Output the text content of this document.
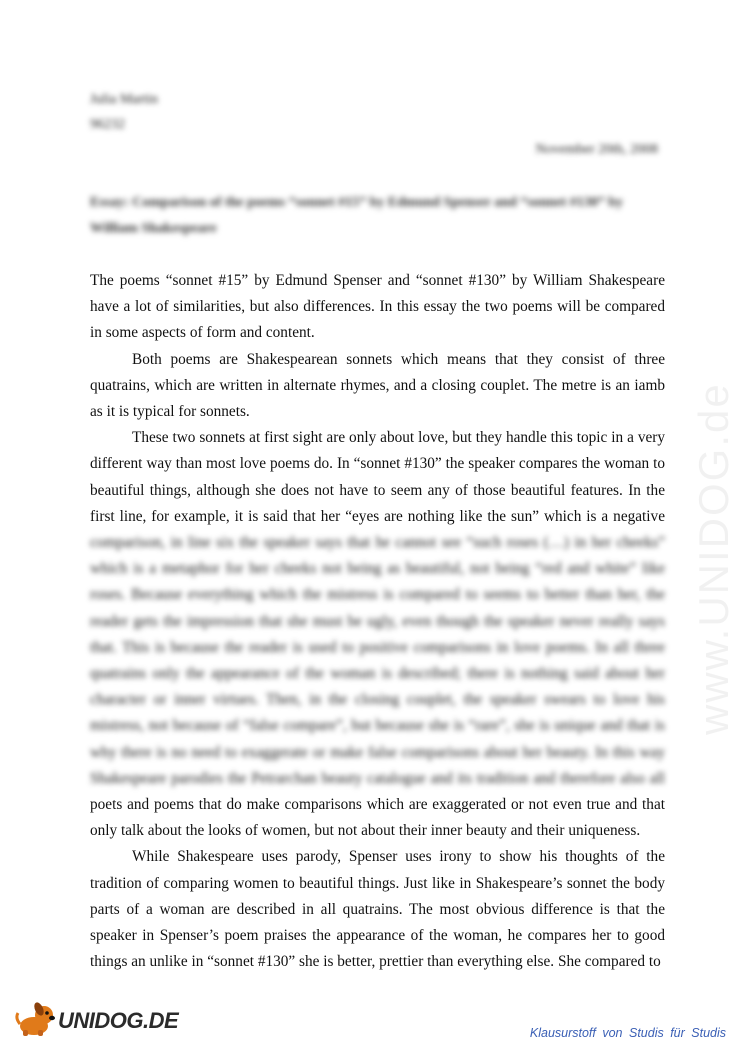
Julia Martin
96232
November 20th, 2008
Essay: Comparison of the poems “sonnet #15” by Edmund Spenser and “sonnet #130” by William Shakespeare

The poems “sonnet #15” by Edmund Spenser and “sonnet #130” by William Shakespeare have a lot of similarities, but also differences. In this essay the two poems will be compared in some aspects of form and content.

Both poems are Shakespearean sonnets which means that they consist of three quatrains, which are written in alternate rhymes, and a closing couplet. The metre is an iamb as it is typical for sonnets.

These two sonnets at first sight are only about love, but they handle this topic in a very different way than most love poems do. In “sonnet #130” the speaker compares the woman to beautiful things, although she does not have to seem any of those beautiful features. In the first line, for example, it is said that her “eyes are nothing like the sun” which is a negative comparison, in line six the speaker says that he cannot see “such roses (…) in her cheeks” which is a metaphor for her cheeks not being as beautiful, not being “red and white” like roses. Because everything which the mistress is compared to seems to better than her, the reader gets the impression that she must be ugly, even though the speaker never really says that. This is because the reader is used to positive comparisons in love poems. In all three quatrains only the appearance of the woman is described; there is nothing said about her character or inner virtues. Then, in the closing couplet, the speaker swears to love his mistress, not because of “false compare”, but because she is “rare”, she is unique and that is why there is no need to exaggerate or make false comparisons about her beauty. In this way Shakespeare parodies the Petrarchan beauty catalogue and its tradition and therefore also all poets and poems that do make comparisons which are exaggerated or not even true and that only talk about the looks of women, but not about their inner beauty and their uniqueness.

While Shakespeare uses parody, Spenser uses irony to show his thoughts of the tradition of comparing women to beautiful things. Just like in Shakespeare’s sonnet the body parts of a woman are described in all quatrains. The most obvious difference is that the speaker in Spenser’s poem praises the appearance of the woman, he compares her to good things an unlike in “sonnet #130” she is better, prettier than everything else. She compared to

www.UNIDOG.de
UNIDOG.DE	Klausurstoff von Studis für Studis
